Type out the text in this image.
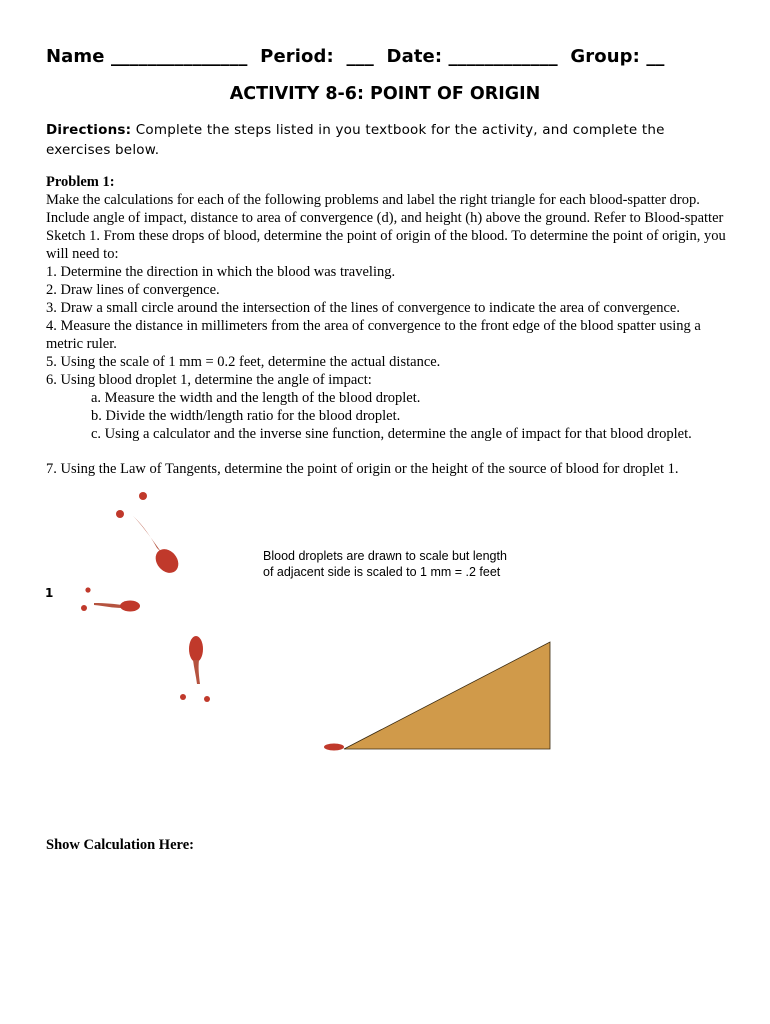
Name _______________  Period:  ___  Date: ____________  Group: __
ACTIVITY 8-6: POINT OF ORIGIN
Directions: Complete the steps listed in you textbook for the activity, and complete the exercises below.
Problem 1:
Make the calculations for each of the following problems and label the right triangle for each blood-spatter drop. Include angle of impact, distance to area of convergence (d), and height (h) above the ground. Refer to Blood-spatter Sketch 1. From these drops of blood, determine the point of origin of the blood. To determine the point of origin, you will need to:
1. Determine the direction in which the blood was traveling.
2. Draw lines of convergence.
3. Draw a small circle around the intersection of the lines of convergence to indicate the area of convergence.
4. Measure the distance in millimeters from the area of convergence to the front edge of the blood spatter using a metric ruler.
5. Using the scale of 1 mm = 0.2 feet, determine the actual distance.
6. Using blood droplet 1, determine the angle of impact:
a. Measure the width and the length of the blood droplet.
b. Divide the width/length ratio for the blood droplet.
c. Using a calculator and the inverse sine function, determine the angle of impact for that blood droplet.
7. Using the Law of Tangents, determine the point of origin or the height of the source of blood for droplet 1.
Blood droplets are drawn to scale but length
of adjacent side is scaled to 1 mm = .2 feet
1
Show Calculation Here:
